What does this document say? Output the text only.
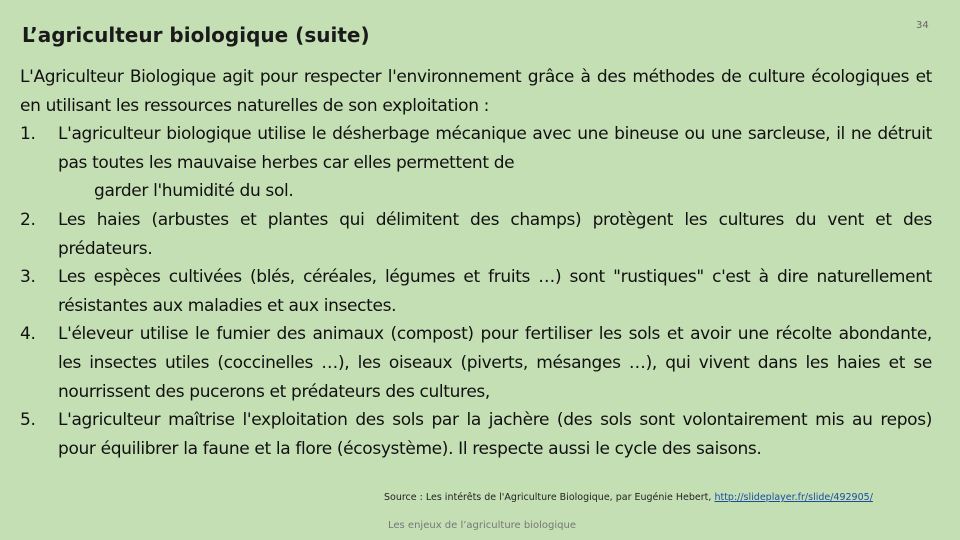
L’agriculteur biologique (suite)	34

L'Agriculteur Biologique agit pour respecter l'environnement grâce à des méthodes de culture écologiques et en utilisant les ressources naturelles de son exploitation :

1. L'agriculteur biologique utilise le désherbage mécanique avec une bineuse ou une sarcleuse, il ne détruit pas toutes les mauvaise herbes car elles permettent de
garder l'humidité du sol.
2. Les haies (arbustes et plantes qui délimitent des champs) protègent les cultures du vent et des prédateurs.
3. Les espèces cultivées (blés, céréales, légumes et fruits …) sont "rustiques" c'est à dire naturellement résistantes aux maladies et aux insectes.
4. L'éleveur utilise le fumier des animaux (compost) pour fertiliser les sols et avoir une récolte abondante, les insectes utiles (coccinelles …), les oiseaux (piverts, mésanges …), qui vivent dans les haies et se nourrissent des pucerons et prédateurs des cultures,
5. L'agriculteur maîtrise l'exploitation des sols par la jachère (des sols sont volontairement mis au repos) pour équilibrer la faune et la flore (écosystème). Il respecte aussi le cycle des saisons.
Source : Les intérêts de l'Agriculture Biologique, par Eugénie Hebert, http://slideplayer.fr/slide/492905/
Les enjeux de l’agriculture biologique
